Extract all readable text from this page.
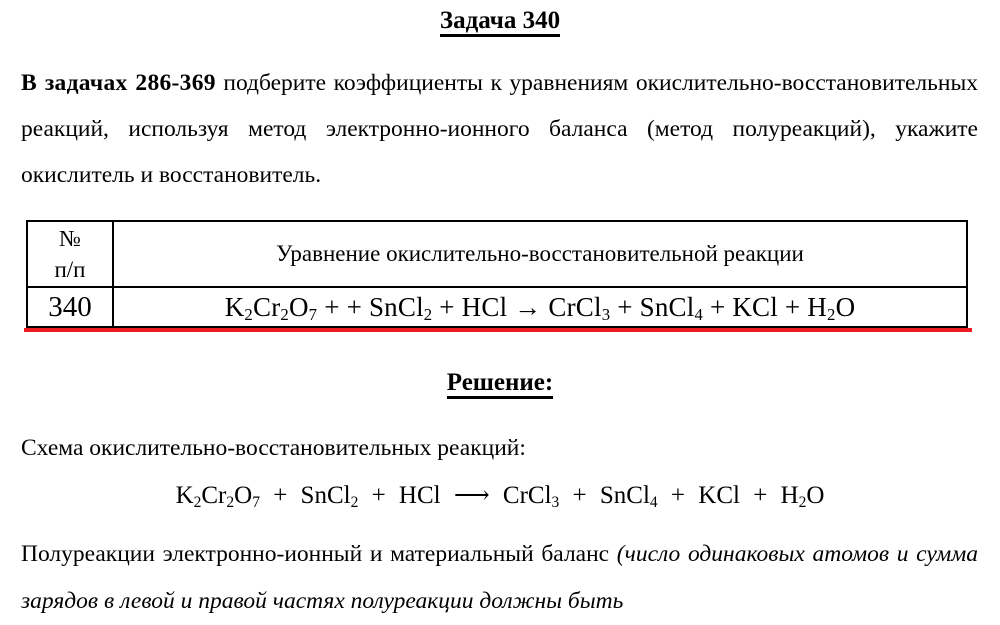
Задача 340

В задачах 286-369 подберите коэффициенты к уравнениям окислительно-восстановительных реакций, используя метод электронно-ионного баланса (метод полуреакций), укажите окислитель и восстановитель.

№
п/п	Уравнение окислительно-восстановительной реакции
340	$K_2Cr_2O_7$ + + SnCl$_2$ + HCl → CrCl$_3$ + SnCl$_4$ + KCl + $H_2O$
Решение:

Схема окислительно-восстановительных реакций:

$K_2Cr_2O_7$ + SnCl$_2$ + HCl ⟶ CrCl$_3$ + SnCl$_4$ + KCl + $H_2O$

Полуреакции электронно-ионный и материальный баланс (число одинаковых атомов и сумма зарядов в левой и правой частях полуреакции должны быть
